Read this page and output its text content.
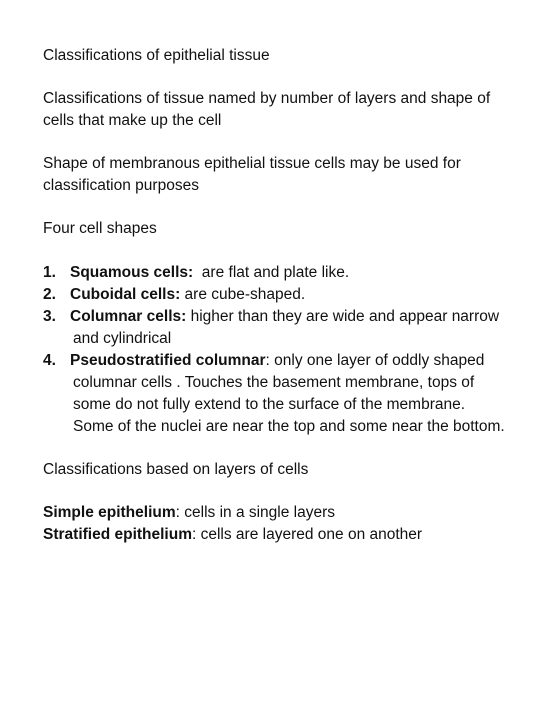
Classifications of epithelial tissue

Classifications of tissue named by number of layers and shape of
cells that make up the cell

Shape of membranous epithelial tissue cells may be used for
classification purposes

Four cell shapes

1. Squamous cells:  are flat and plate like.
2. Cuboidal cells: are cube-shaped.
3. Columnar cells: higher than they are wide and appear narrow
and cylindrical
4. Pseudostratified columnar: only one layer of oddly shaped
columnar cells . Touches the basement membrane, tops of
some do not fully extend to the surface of the membrane.
Some of the nuclei are near the top and some near the bottom.

Classifications based on layers of cells

Simple epithelium: cells in a single layers

Stratified epithelium: cells are layered one on another
